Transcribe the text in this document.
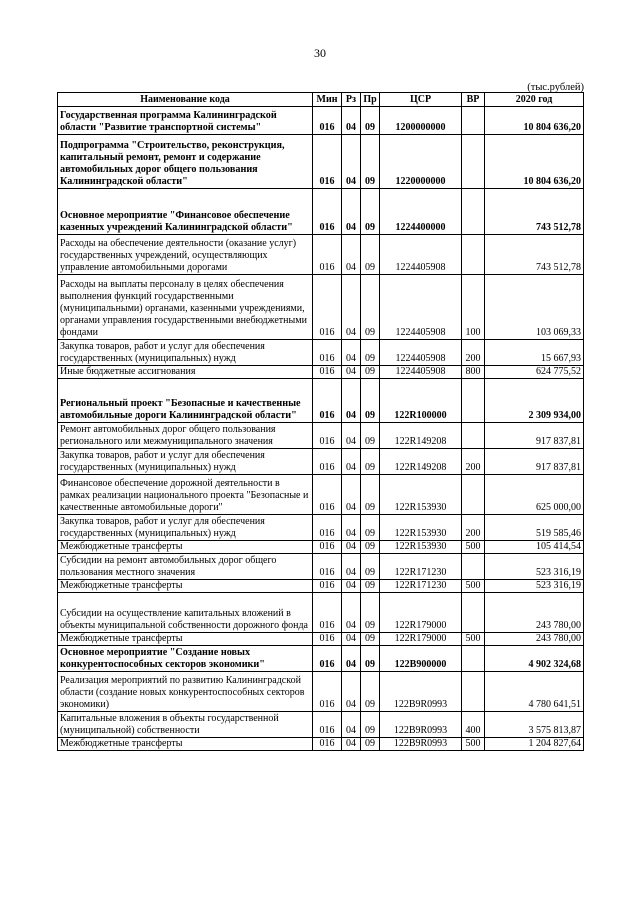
30
(тыс.рублей)
Наименование кода	Мин	Рз	Пр	ЦСР	ВР	2020 год
Государственная программа Калининградской области "Развитие транспортной системы"	016	04	09	1200000000		10 804 636,20
Подпрограмма "Строительство, реконструкция, капитальный ремонт, ремонт и содержание автомобильных дорог общего пользования Калининградской области"	016	04	09	1220000000		10 804 636,20
Основное мероприятие "Финансовое обеспечение казенных учреждений Калининградской области"	016	04	09	1224400000		743 512,78
Расходы на обеспечение деятельности (оказание услуг) государственных учреждений, осуществляющих управление автомобильными дорогами	016	04	09	1224405908		743 512,78
Расходы на выплаты персоналу в целях обеспечения выполнения функций государственными (муниципальными) органами, казенными учреждениями, органами управления государственными внебюджетными фондами	016	04	09	1224405908	100	103 069,33
Закупка товаров, работ и услуг для обеспечения государственных (муниципальных) нужд	016	04	09	1224405908	200	15 667,93
Иные бюджетные ассигнования	016	04	09	1224405908	800	624 775,52
Региональный проект "Безопасные и качественные автомобильные дороги Калининградской области"	016	04	09	122R100000		2 309 934,00
Ремонт автомобильных дорог общего пользования регионального или межмуниципального значения	016	04	09	122R149208		917 837,81
Закупка товаров, работ и услуг для обеспечения государственных (муниципальных) нужд	016	04	09	122R149208	200	917 837,81
Финансовое обеспечение дорожной деятельности в рамках реализации национального проекта "Безопасные и качественные автомобильные дороги"	016	04	09	122R153930		625 000,00
Закупка товаров, работ и услуг для обеспечения государственных (муниципальных) нужд	016	04	09	122R153930	200	519 585,46
Межбюджетные трансферты	016	04	09	122R153930	500	105 414,54
Субсидии на ремонт автомобильных дорог общего пользования местного значения	016	04	09	122R171230		523 316,19
Межбюджетные трансферты	016	04	09	122R171230	500	523 316,19
Субсидии на осуществление капитальных вложений в объекты муниципальной собственности дорожного фонда	016	04	09	122R179000		243 780,00
Межбюджетные трансферты	016	04	09	122R179000	500	243 780,00
Основное мероприятие "Создание новых конкурентоспособных секторов экономики"	016	04	09	122B900000		4 902 324,68
Реализация мероприятий по развитию Калининградской области (создание новых конкурентоспособных секторов экономики)	016	04	09	122B9R0993		4 780 641,51
Капитальные вложения в объекты государственной (муниципальной) собственности	016	04	09	122B9R0993	400	3 575 813,87
Межбюджетные трансферты	016	04	09	122B9R0993	500	1 204 827,64
